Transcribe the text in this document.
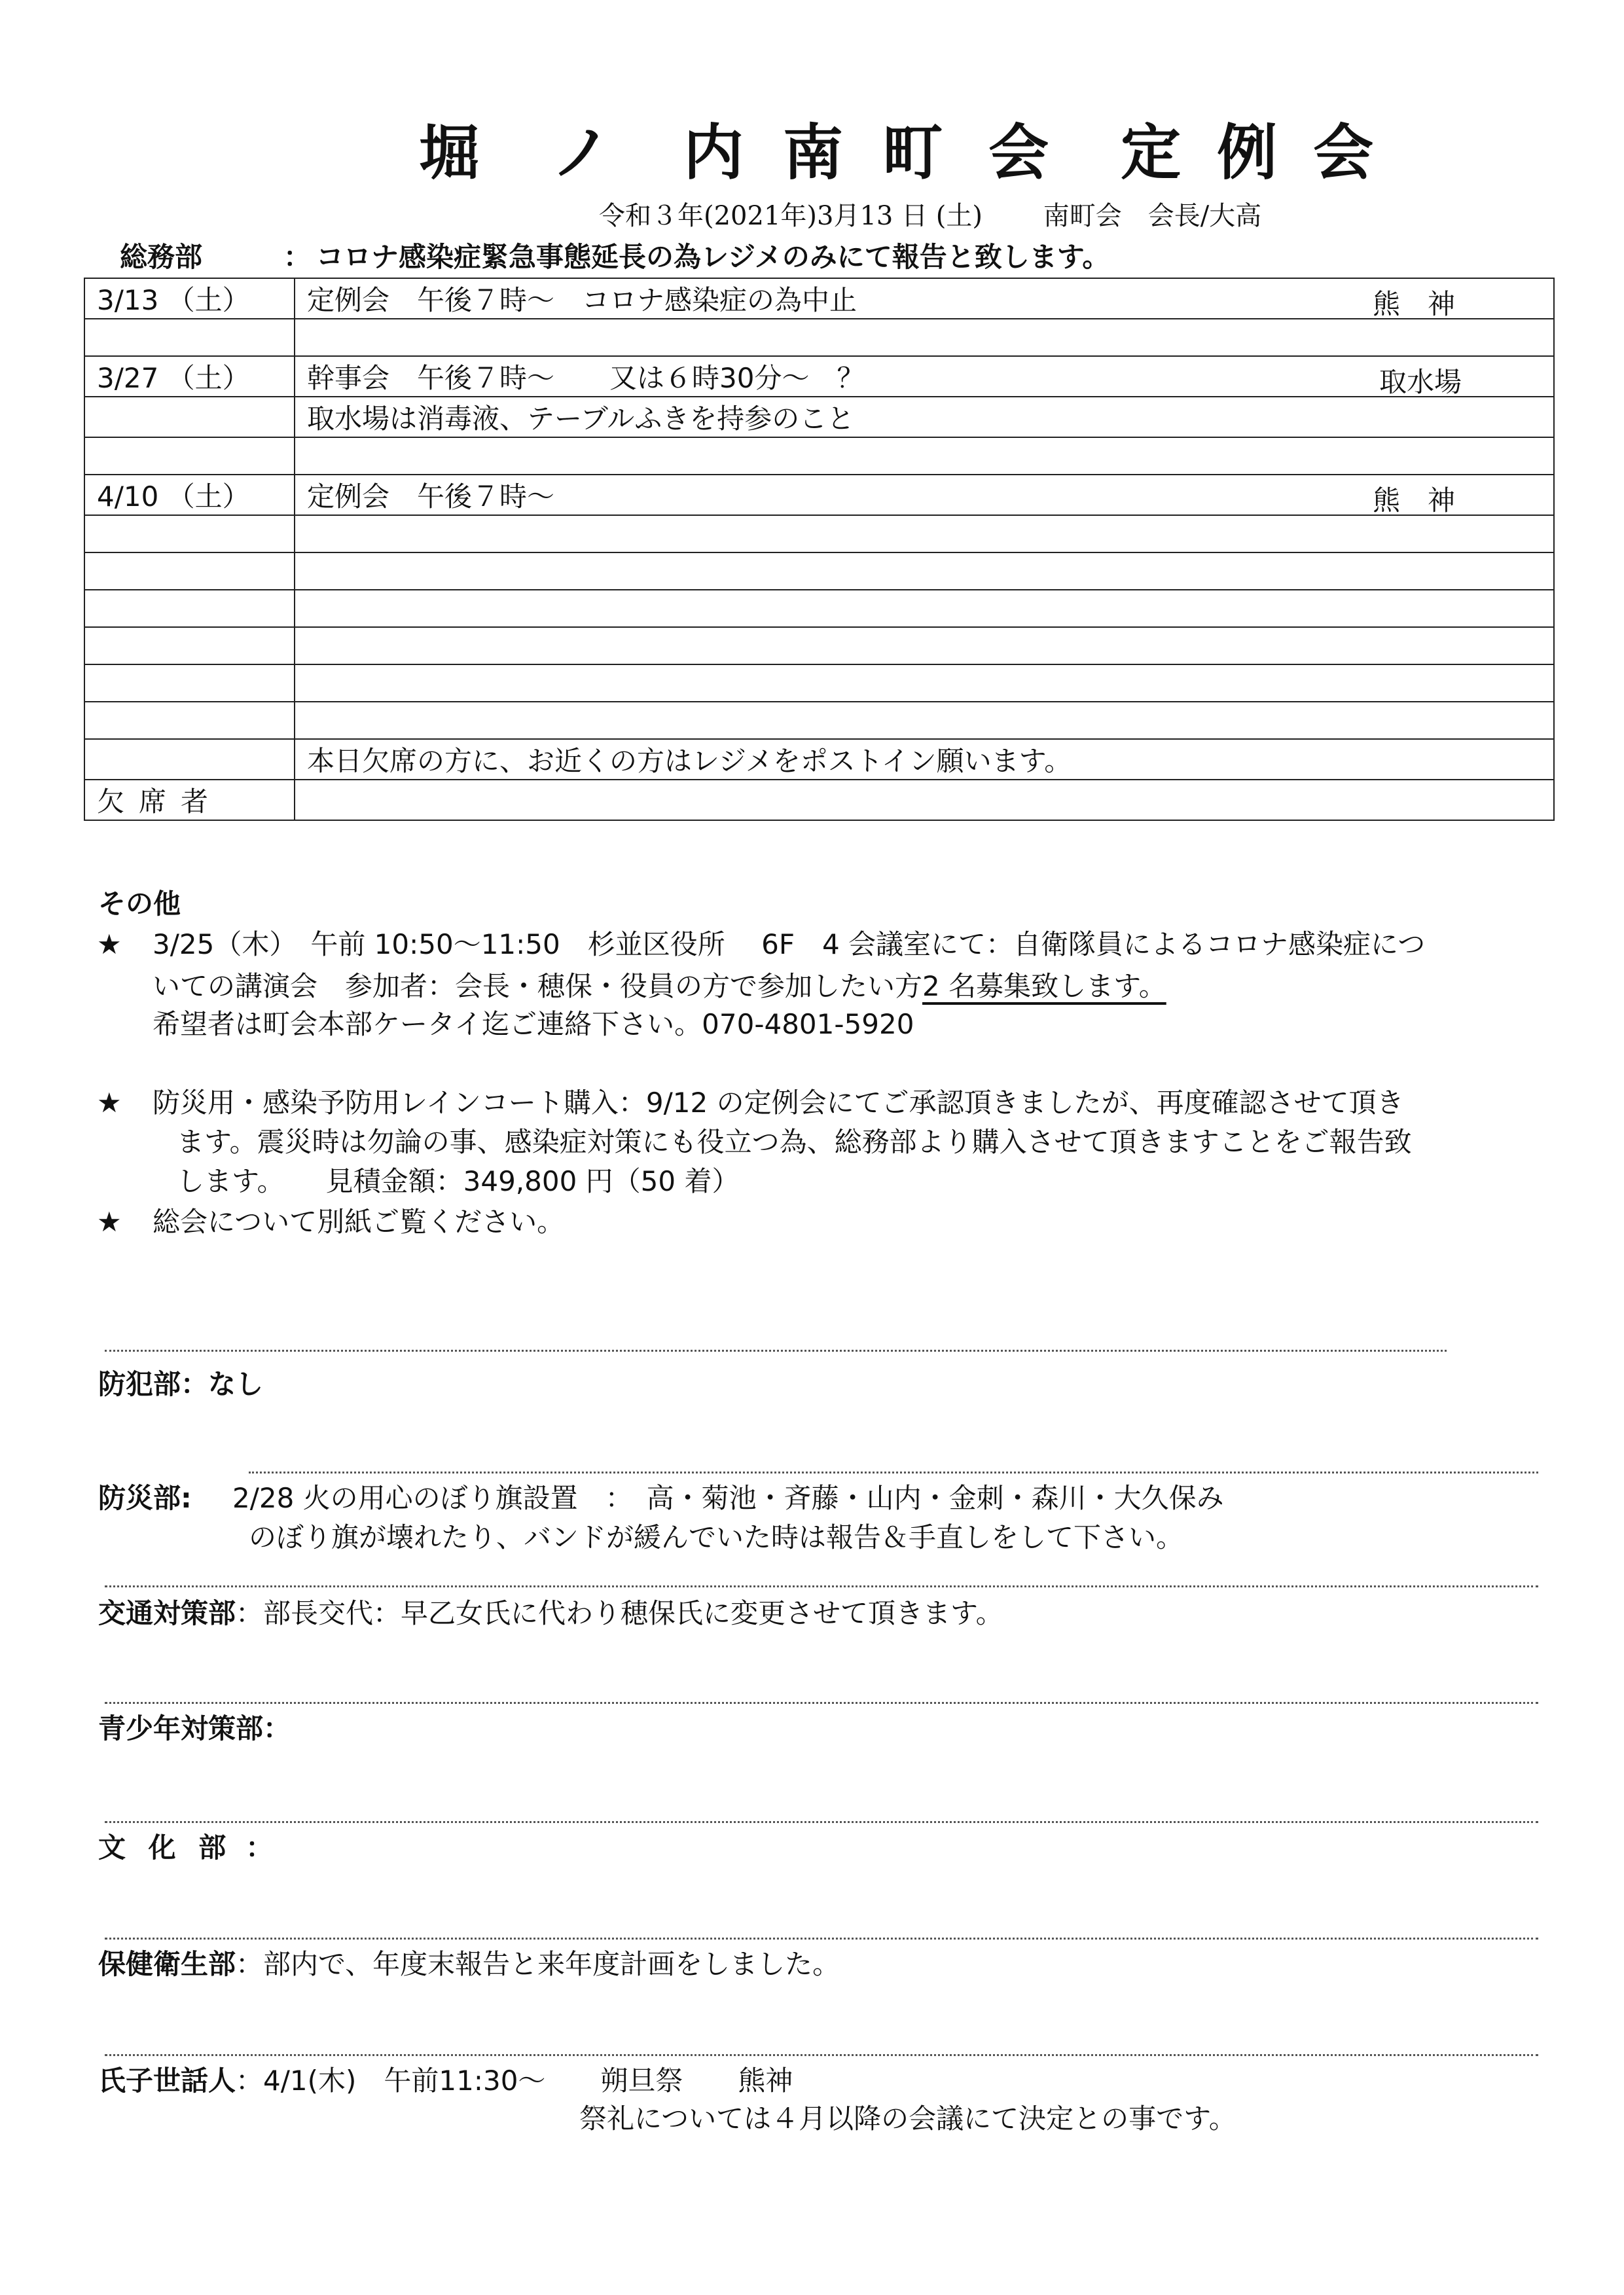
堀 ノ 内 南 町 会 定 例 会
令和３年(2021年)3月13 日 (土)　　 南町会　会長/大高
総務部	： コロナ感染症緊急事態延長の為レジメのみにて報告と致します。
3/13 （土）	定例会　午後７時～　コロナ感染症の為中止 熊　神

3/27 （土）	幹事会　午後７時～　　又は６時30分～　？ 取水場

	取水場は消毒液、テーブルふきを持参のこと

4/10 （土）	定例会　午後７時～ 熊　神

	本日欠席の方に、お近くの方はレジメをポストイン願います。
欠席者	
その他
★ 3/25（木）　午前 10:50～11:50　杉並区役所　 6F　4 会議室にて：自衛隊員によるコロナ感染症につ
いての講演会　参加者：会長・穂保・役員の方で参加したい方2 名募集致します。
希望者は町会本部ケータイ迄ご連絡下さい。070-4801-5920
★ 防災用・感染予防用レインコート購入：9/12 の定例会にてご承認頂きましたが、再度確認させて頂き
ます。震災時は勿論の事、感染症対策にも役立つ為、総務部より購入させて頂きますことをご報告致
します。　　見積金額：349,800 円（50 着）
★ 総会について別紙ご覧ください。
防犯部：なし
防災部: 2/28 火の用心のぼり旗設置　：　高・菊池・斉藤・山内・金刺・森川・大久保み
のぼり旗が壊れたり、バンドが緩んでいた時は報告＆手直しをして下さい。
交通対策部：部長交代：早乙女氏に代わり穂保氏に変更させて頂きます。
青少年対策部：
文 化 部 ：
保健衛生部：部内で、年度末報告と来年度計画をしました。
氏子世話人：4/1(木)　午前11:30～　　朔旦祭　　熊神
祭礼については４月以降の会議にて決定との事です。
